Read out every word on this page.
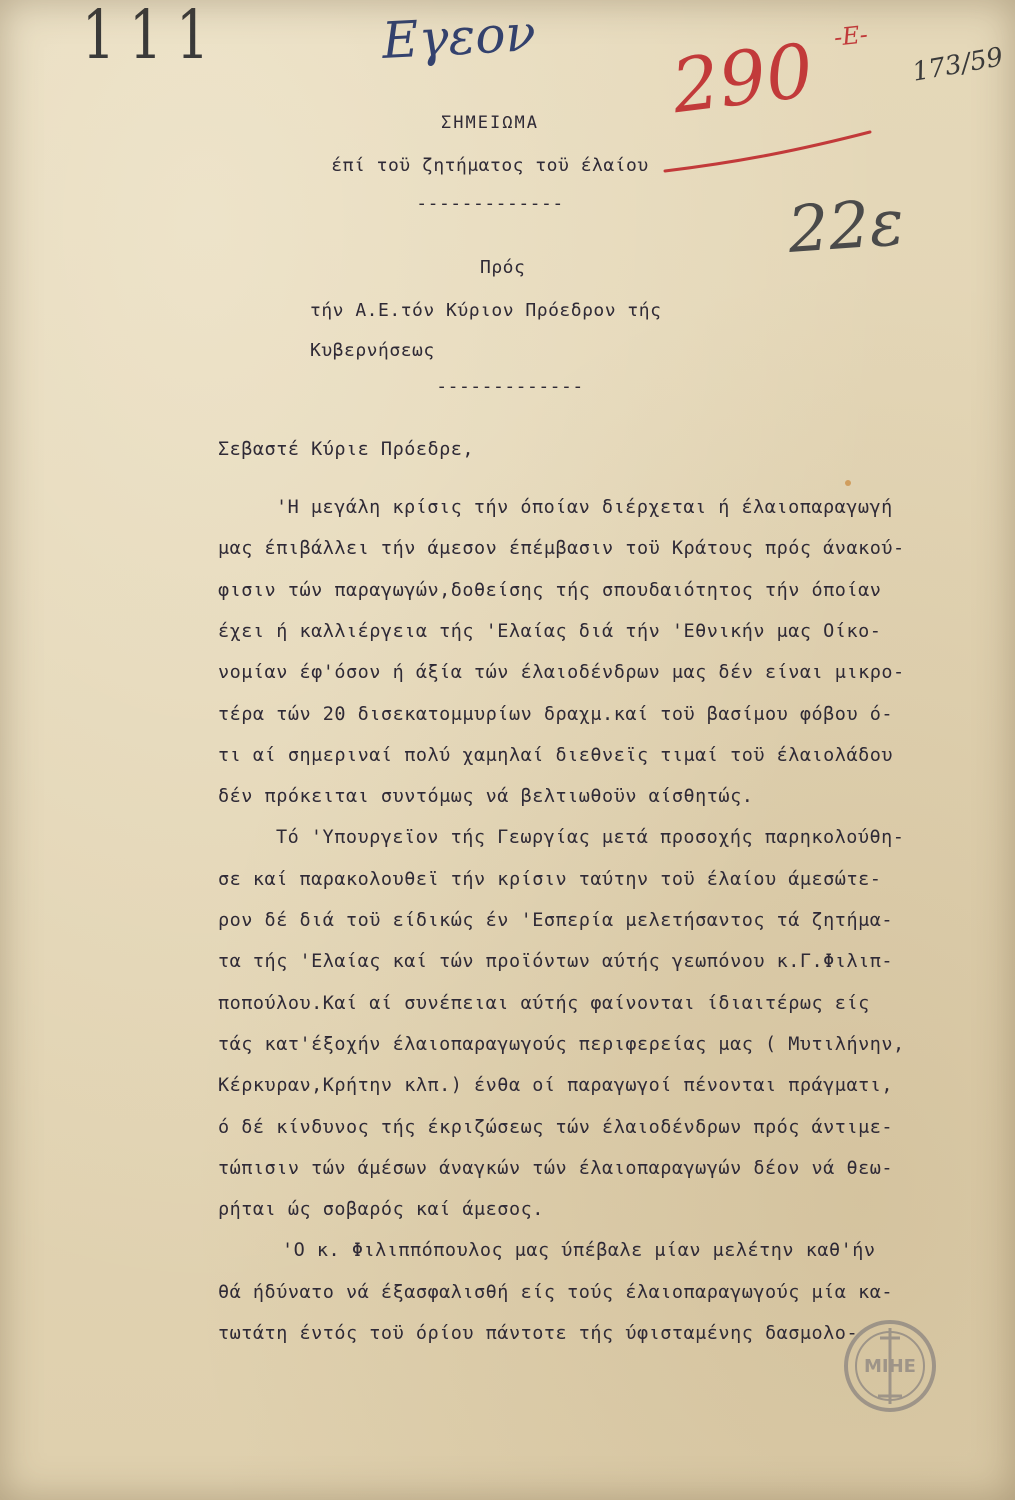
111	Εγεον 290 -Ε-
173/59
22ε

ΣΗΜΕΙΩΜΑ

έπί τοϋ ζητήματος τοϋ έλαίου

-------------

Πρός

τήν Α.Ε.τόν Κύριον Πρόεδρον τής

Κυβερνήσεως

-------------

Σεβαστέ Κύριε Πρόεδρε,

'Η μεγάλη κρίσις τήν όποίαν διέρχεται ή έλαιοπαραγωγή

μας έπιβάλλει τήν άμεσον έπέμβασιν τοϋ Κράτους πρός άνακού-

φισιν τών παραγωγών,δοθείσης τής σπουδαιότητος τήν όποίαν

έχει ή καλλιέργεια τής 'Ελαίας διά τήν 'Εθνικήν μας Οίκο-

νομίαν έφ'όσον ή άξία τών έλαιοδένδρων μας δέν είναι μικρο-

τέρα τών 20 δισεκατομμυρίων δραχμ.καί τοϋ βασίμου φόβου ό-

τι αί σημεριναί πολύ χαμηλαί διεθνεϊς τιμαί τοϋ έλαιολάδου

δέν πρόκειται συντόμως νά βελτιωθοϋν αίσθητώς.

Τό 'Υπουργεϊον τής Γεωργίας μετά προσοχής παρηκολούθη-

σε καί παρακολουθεϊ τήν κρίσιν ταύτην τοϋ έλαίου άμεσώτε-

ρον δέ διά τοϋ είδικώς έν 'Εσπερία μελετήσαντος τά ζητήμα-

τα τής 'Ελαίας καί τών προϊόντων αύτής γεωπόνου κ.Γ.Φιλιπ-

ποπούλου.Καί αί συνέπειαι αύτής φαίνονται ίδιαιτέρως είς

τάς κατ'έξοχήν έλαιοπαραγωγούς περιφερείας μας ( Μυτιλήνην,

Κέρκυραν,Κρήτην κλπ.) ένθα οί παραγωγοί πένονται πράγματι,

ό δέ κίνδυνος τής έκριζώσεως τών έλαιοδένδρων πρός άντιμε-

τώπισιν τών άμέσων άναγκών τών έλαιοπαραγωγών δέον νά θεω-

ρήται ώς σοβαρός καί άμεσος.

'Ο κ. Φιλιππόπουλος μας ύπέβαλε μίαν μελέτην καθ'ήν

θά ήδύνατο νά έξασφαλισθή είς τούς έλαιοπαραγωγούς μία κα-

τωτάτη έντός τοϋ όρίου πάντοτε τής ύφισταμένης δασμολο-

ΜΙΗΕ
